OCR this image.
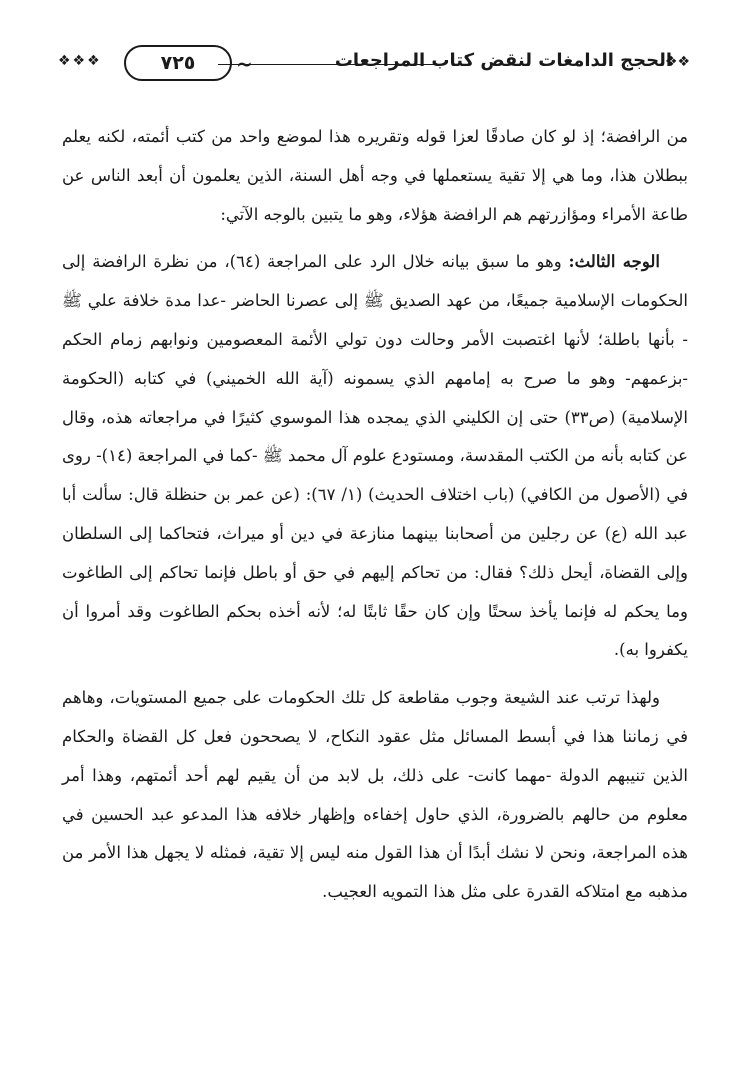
❖❖
الحجج الدامغات لنقض كتاب المراجعات
~
٧٢٥
❖❖❖

من الرافضة؛ إذ لو كان صادقًا لعزا قوله وتقريره هذا لموضع واحد من كتب أئمته، لكنه يعلم ببطلان هذا، وما هي إلا تقية يستعملها في وجه أهل السنة، الذين يعلمون أن أبعد الناس عن طاعة الأمراء ومؤازرتهم هم الرافضة هؤلاء، وهو ما يتبين بالوجه الآتي:

الوجه الثالث: وهو ما سبق بيانه خلال الرد على المراجعة (٦٤)، من نظرة الرافضة إلى الحكومات الإسلامية جميعًا، من عهد الصديق ﷺ إلى عصرنا الحاضر -عدا مدة خلافة علي ﷺ - بأنها باطلة؛ لأنها اغتصبت الأمر وحالت دون تولي الأئمة المعصومين ونوابهم زمام الحكم -بزعمهم- وهو ما صرح به إمامهم الذي يسمونه (آية الله الخميني) في كتابه (الحكومة الإسلامية) (ص٣٣) حتى إن الكليني الذي يمجده هذا الموسوي كثيرًا في مراجعاته هذه، وقال عن كتابه بأنه من الكتب المقدسة، ومستودع علوم آل محمد ﷺ -كما في المراجعة (١٤)- روى في (الأصول من الكافي) (باب اختلاف الحديث) (١/ ٦٧): (عن عمر بن حنظلة قال: سألت أبا عبد الله (ع) عن رجلين من أصحابنا بينهما منازعة في دين أو ميراث، فتحاكما إلى السلطان وإلى القضاة، أيحل ذلك؟ فقال: من تحاكم إليهم في حق أو باطل فإنما تحاكم إلى الطاغوت وما يحكم له فإنما يأخذ سحتًا وإن كان حقًا ثابتًا له؛ لأنه أخذه بحكم الطاغوت وقد أمروا أن يكفروا به).

ولهذا ترتب عند الشيعة وجوب مقاطعة كل تلك الحكومات على جميع المستويات، وهاهم في زماننا هذا في أبسط المسائل مثل عقود النكاح، لا يصححون فعل كل القضاة والحكام الذين تنيبهم الدولة -مهما كانت- على ذلك، بل لابد من أن يقيم لهم أحد أئمتهم، وهذا أمر معلوم من حالهم بالضرورة، الذي حاول إخفاءه وإظهار خلافه هذا المدعو عبد الحسين في هذه المراجعة، ونحن لا نشك أبدًا أن هذا القول منه ليس إلا تقية، فمثله لا يجهل هذا الأمر من مذهبه مع امتلاكه القدرة على مثل هذا التمويه العجيب.
